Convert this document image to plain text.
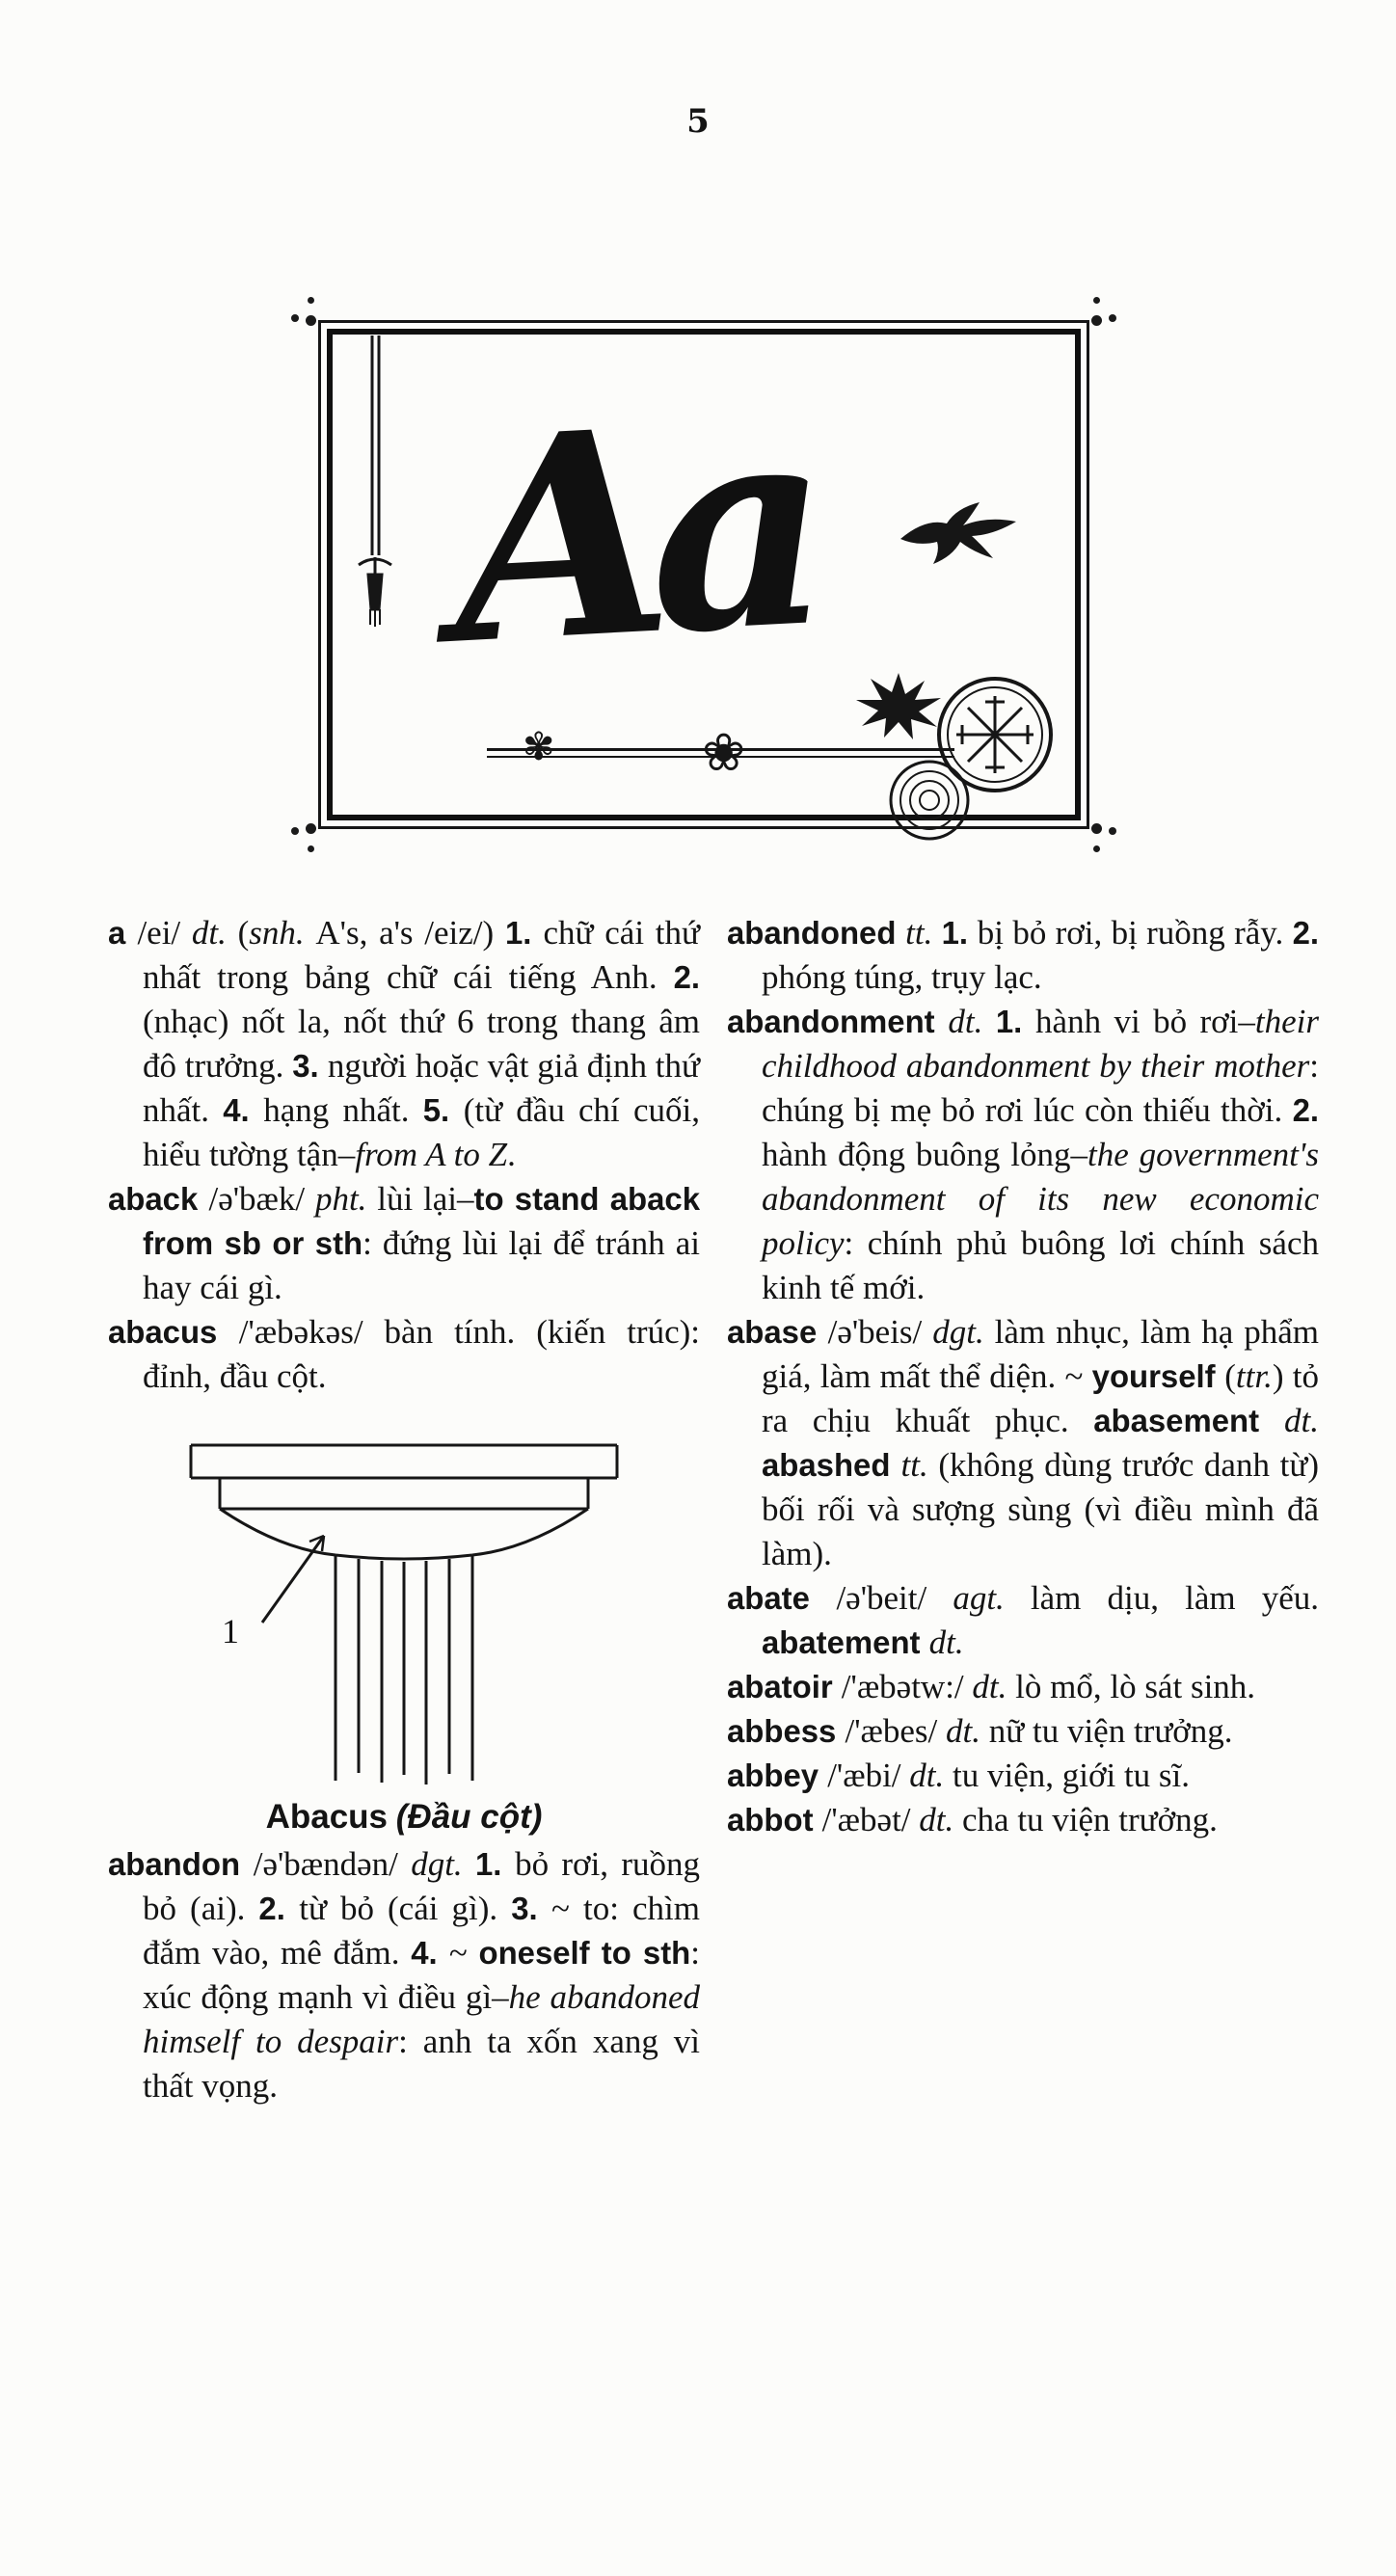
5
Aa
✾	❀

a /ei/ dt. (snh. A's, a's /eiz/) 1. chữ cái thứ nhất trong bảng chữ cái tiếng Anh. 2. (nhạc) nốt la, nốt thứ 6 trong thang âm đô trưởng. 3. người hoặc vật giả định thứ nhất. 4. hạng nhất. 5. (từ đầu chí cuối, hiểu tường tận–from A to Z.

aback /ə'bæk/ pht. lùi lại–to stand aback from sb or sth: đứng lùi lại để tránh ai hay cái gì.

abacus /'æbəkəs/ bàn tính. (kiến trúc): đỉnh, đầu cột.

1

Abacus (Đầu cột)

abandon /ə'bændən/ dgt. 1. bỏ rơi, ruồng bỏ (ai). 2. từ bỏ (cái gì). 3. ~ to: chìm đắm vào, mê đắm. 4. ~ oneself to sth: xúc động mạnh vì điều gì–he abandoned himself to despair: anh ta xốn xang vì thất vọng.

abandoned tt. 1. bị bỏ rơi, bị ruồng rẫy. 2. phóng túng, trụy lạc.

abandonment dt. 1. hành vi bỏ rơi–their childhood abandonment by their mother: chúng bị mẹ bỏ rơi lúc còn thiếu thời. 2. hành động buông lỏng–the government's abandonment of its new economic policy: chính phủ buông lơi chính sách kinh tế mới.

abase /ə'beis/ dgt. làm nhục, làm hạ phẩm giá, làm mất thể diện. ~ yourself (ttr.) tỏ ra chịu khuất phục. abasement dt. abashed tt. (không dùng trước danh từ) bối rối và sượng sùng (vì điều mình đã làm).

abate /ə'beit/ agt. làm dịu, làm yếu. abatement dt.

abatoir /'æbətw:/ dt. lò mổ, lò sát sinh.

abbess /'æbes/ dt. nữ tu viện trưởng.

abbey /'æbi/ dt. tu viện, giới tu sĩ.

abbot /'æbət/ dt. cha tu viện trưởng.
